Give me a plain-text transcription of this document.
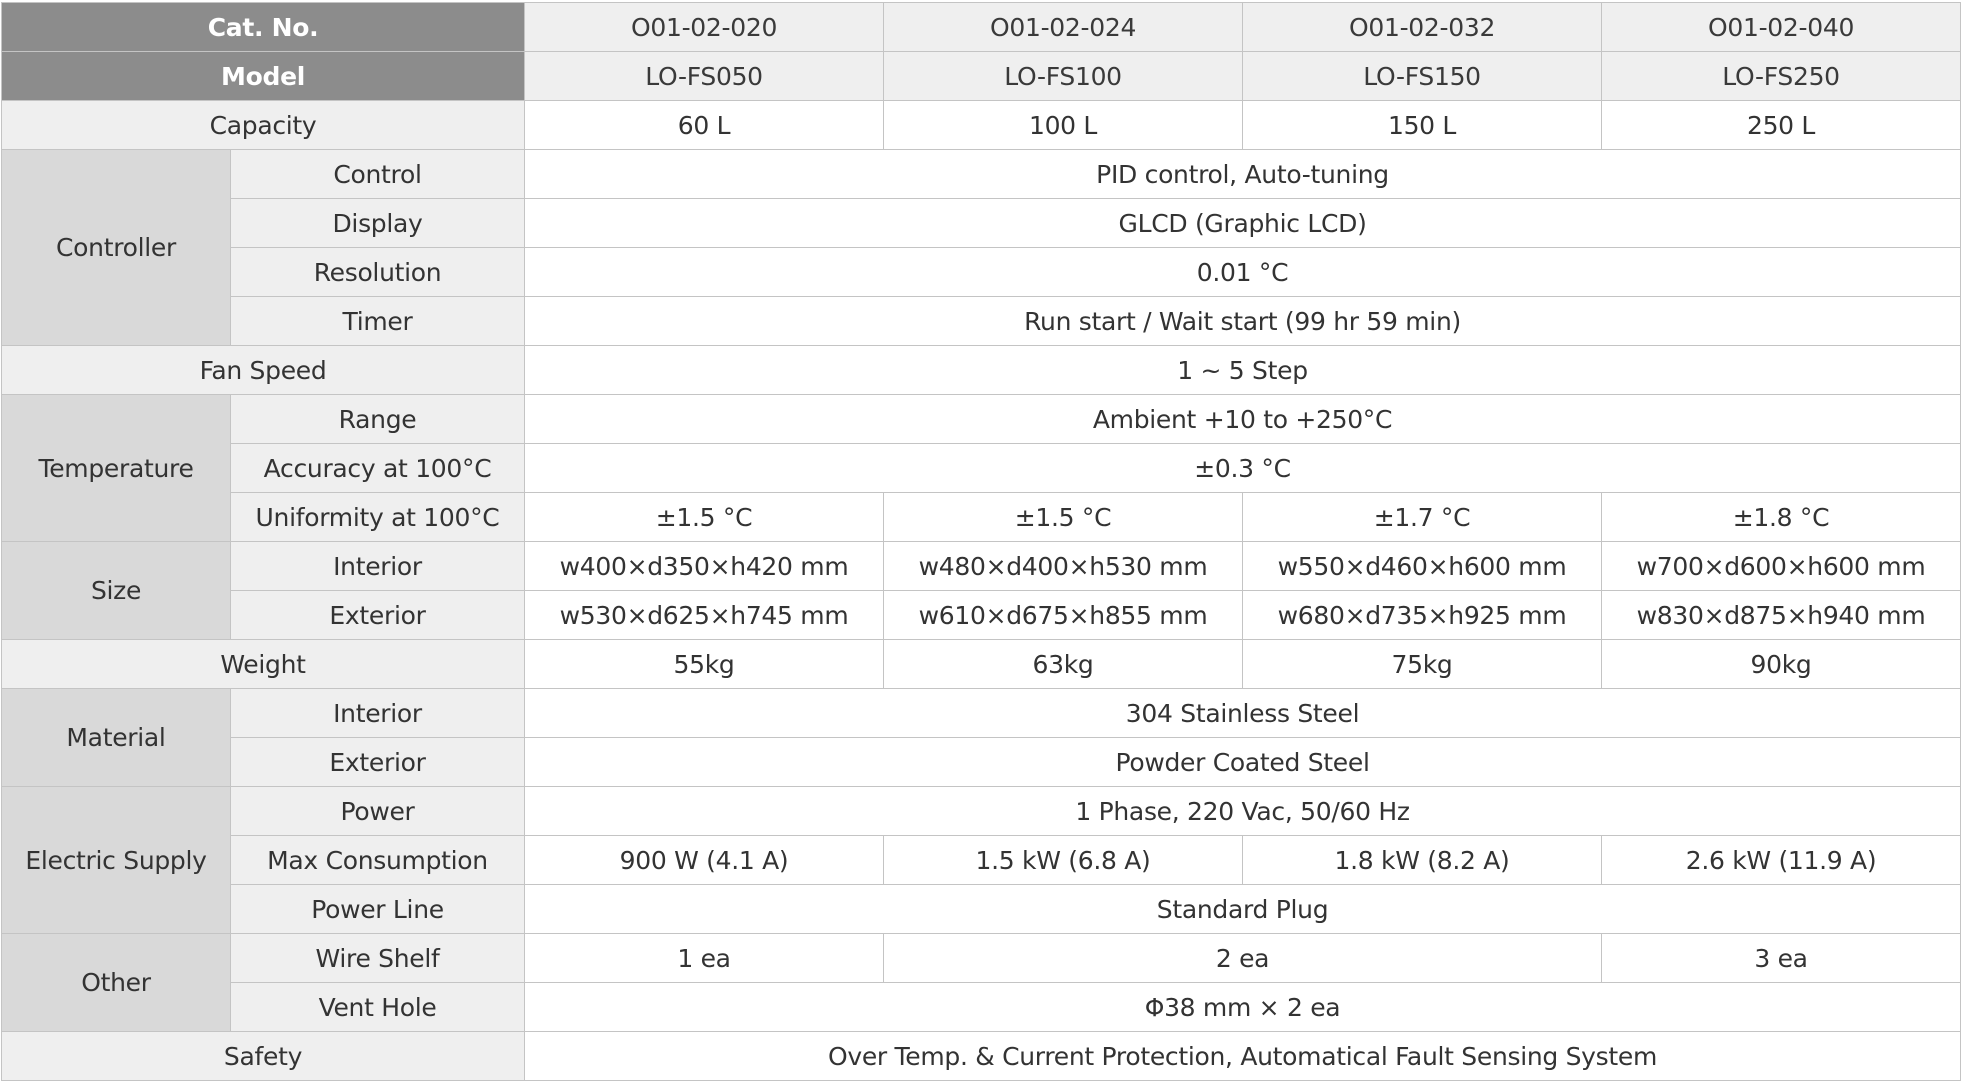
Cat. No.		O01-02-020	O01-02-024	O01-02-032	O01-02-040
Model		LO-FS050	LO-FS100	LO-FS150	LO-FS250
Capacity		60 L	100 L	150 L	250 L
Controller	Control	PID control, Auto-tuning			
	Display	GLCD (Graphic LCD)			
	Resolution	0.01 °C			
	Timer	Run start / Wait start (99 hr 59 min)			
Fan Speed		1 ~ 5 Step			
Temperature	Range	Ambient +10 to +250°C			
	Accuracy at 100°C	±0.3 °C			
	Uniformity at 100°C	±1.5 °C	±1.5 °C	±1.7 °C	±1.8 °C
Size	Interior	w400×d350×h420 mm	w480×d400×h530 mm	w550×d460×h600 mm	w700×d600×h600 mm
	Exterior	w530×d625×h745 mm	w610×d675×h855 mm	w680×d735×h925 mm	w830×d875×h940 mm
Weight		55kg	63kg	75kg	90kg
Material	Interior	304 Stainless Steel			
	Exterior	Powder Coated Steel			
Electric Supply	Power	1 Phase, 220 Vac, 50/60 Hz			
	Max Consumption	900 W (4.1 A)	1.5 kW (6.8 A)	1.8 kW (8.2 A)	2.6 kW (11.9 A)
	Power Line	Standard Plug			
Other	Wire Shelf	1 ea	2 ea		3 ea
	Vent Hole	Φ38 mm × 2 ea			
Safety		Over Temp. & Current Protection, Automatical Fault Sensing System			
